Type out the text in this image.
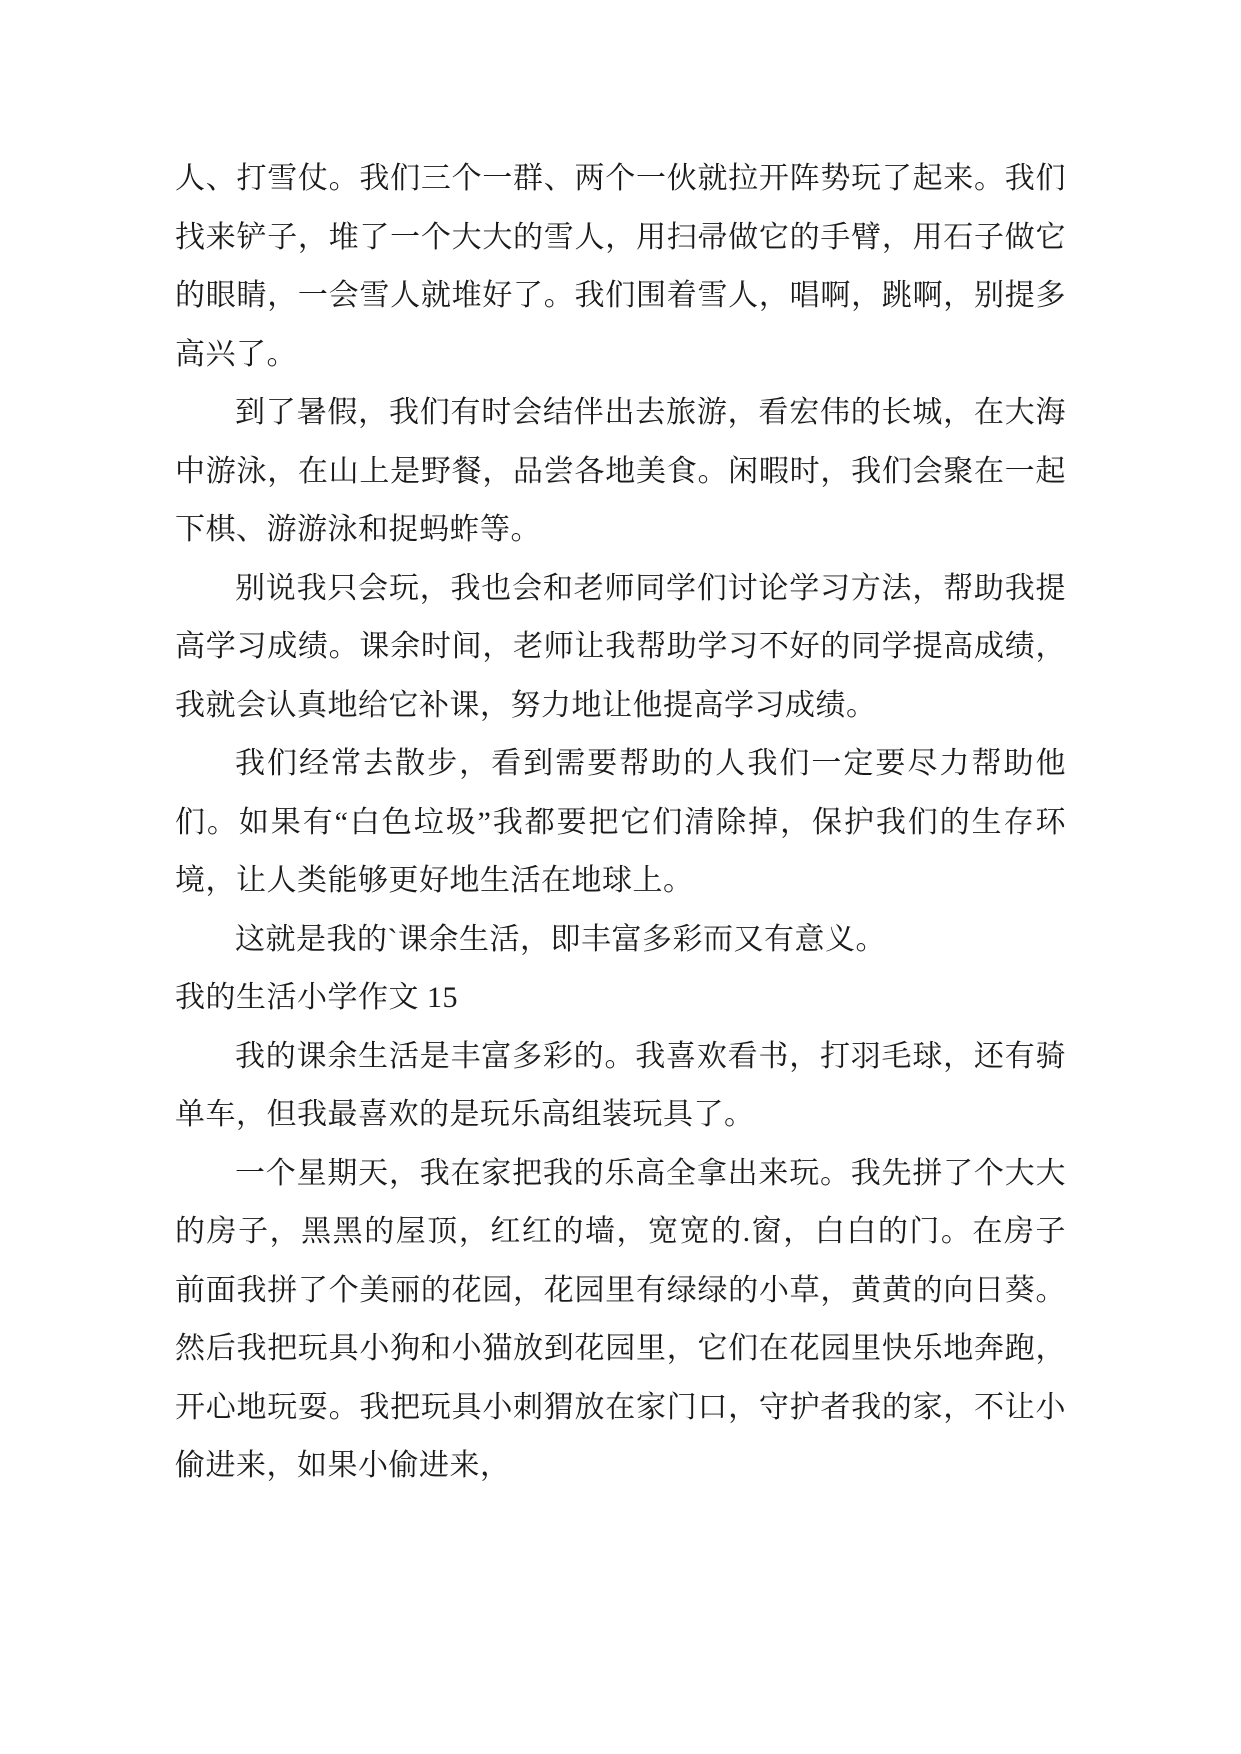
人、打雪仗。我们三个一群、两个一伙就拉开阵势玩了起来。我们找来铲子，堆了一个大大的雪人，用扫帚做它的手臂，用石子做它的眼睛，一会雪人就堆好了。我们围着雪人，唱啊，跳啊，别提多高兴了。

到了暑假，我们有时会结伴出去旅游，看宏伟的长城，在大海中游泳，在山上是野餐，品尝各地美食。闲暇时，我们会聚在一起下棋、游游泳和捉蚂蚱等。

别说我只会玩，我也会和老师同学们讨论学习方法，帮助我提高学习成绩。课余时间，老师让我帮助学习不好的同学提高成绩，我就会认真地给它补课，努力地让他提高学习成绩。

我们经常去散步，看到需要帮助的人我们一定要尽力帮助他们。如果有“白色垃圾”我都要把它们清除掉，保护我们的生存环境，让人类能够更好地生活在地球上。

这就是我的`课余生活，即丰富多彩而又有意义。

我的生活小学作文 15

我的课余生活是丰富多彩的。我喜欢看书，打羽毛球，还有骑单车，但我最喜欢的是玩乐高组装玩具了。

一个星期天，我在家把我的乐高全拿出来玩。我先拼了个大大的房子，黑黑的屋顶，红红的墙，宽宽的.窗，白白的门。在房子前面我拼了个美丽的花园，花园里有绿绿的小草，黄黄的向日葵。然后我把玩具小狗和小猫放到花园里，它们在花园里快乐地奔跑，开心地玩耍。我把玩具小刺猬放在家门口，守护者我的家，不让小偷进来，如果小偷进来，
